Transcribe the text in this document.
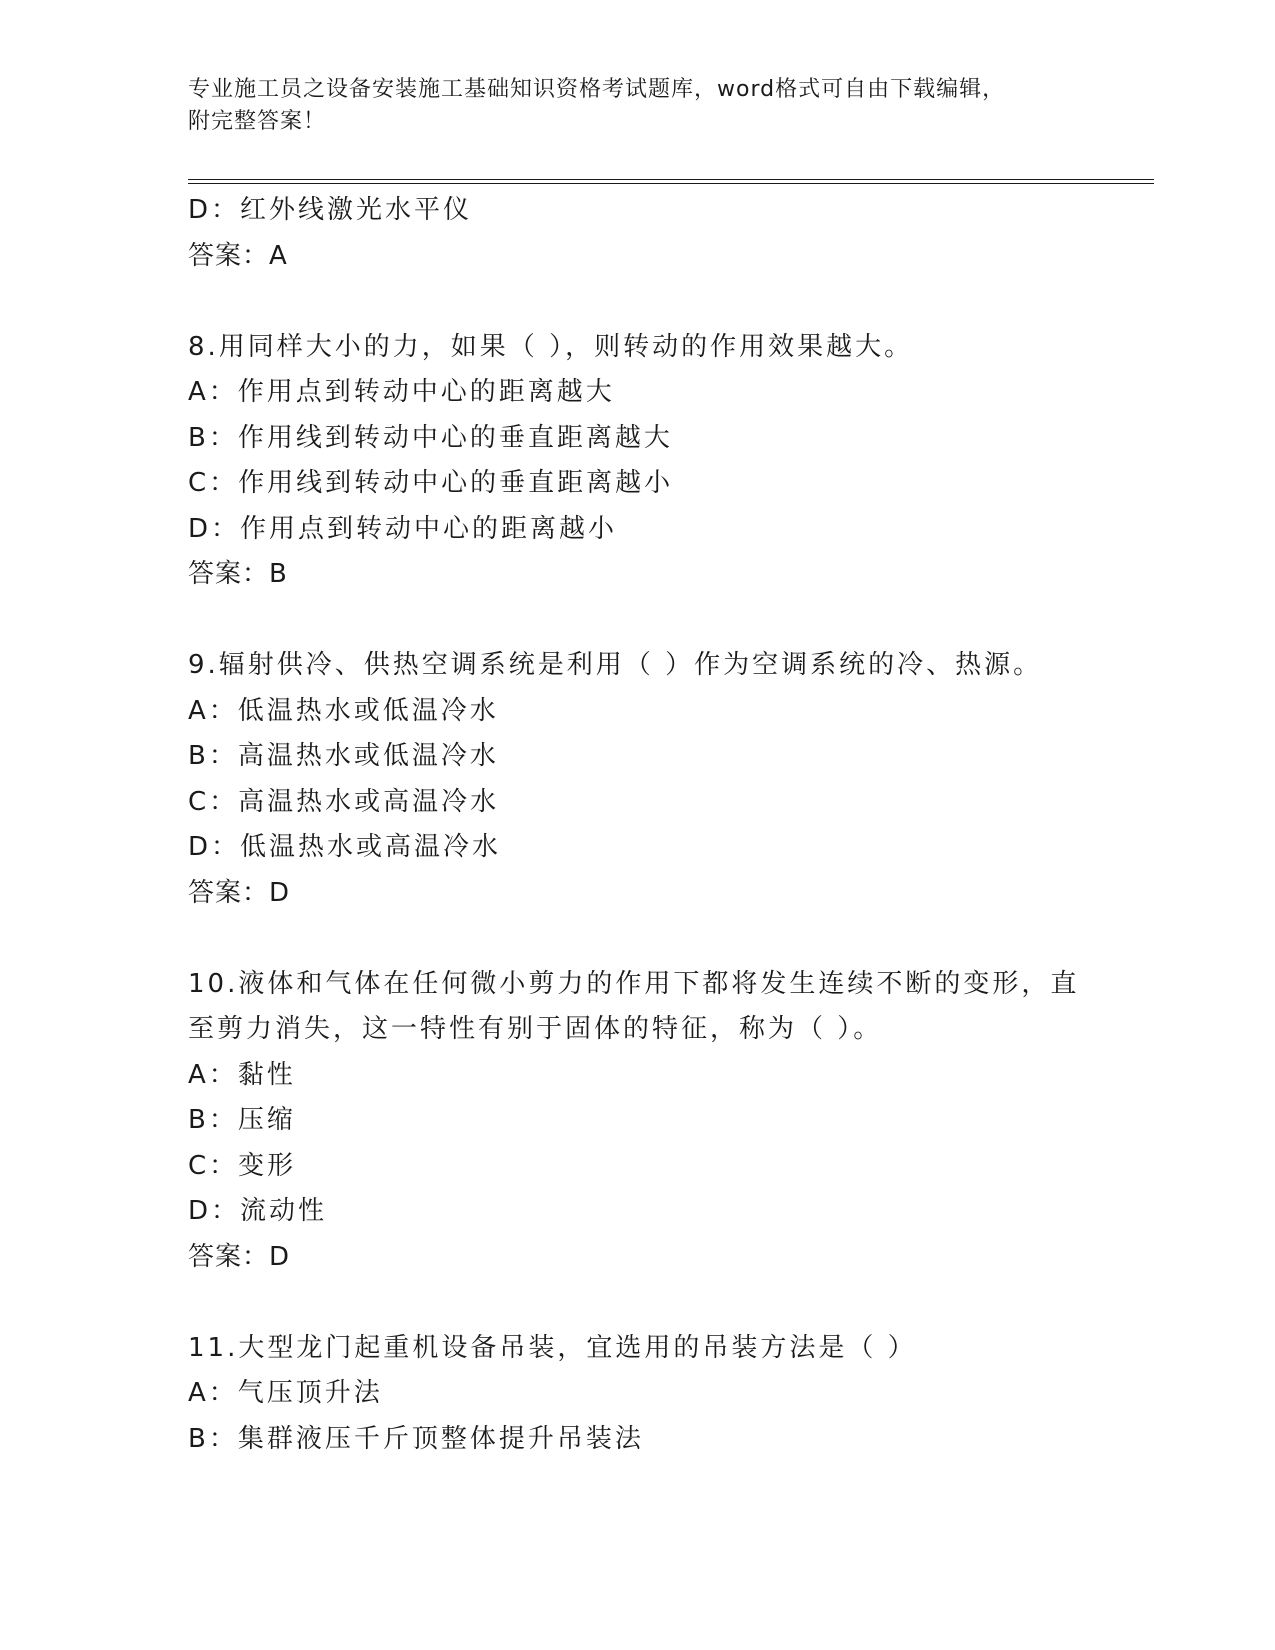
专业施工员之设备安装施工基础知识资格考试题库，word格式可自由下载编辑，
附完整答案！
D：红外线激光水平仪
答案：A
8.用同样大小的力，如果（ ），则转动的作用效果越大。
A：作用点到转动中心的距离越大
B：作用线到转动中心的垂直距离越大
C：作用线到转动中心的垂直距离越小
D：作用点到转动中心的距离越小
答案：B
9.辐射供冷、供热空调系统是利用（ ）作为空调系统的冷、热源。
A：低温热水或低温冷水
B：高温热水或低温冷水
C：高温热水或高温冷水
D：低温热水或高温冷水
答案：D
10.液体和气体在任何微小剪力的作用下都将发生连续不断的变形，直
至剪力消失，这一特性有别于固体的特征，称为（ ）。
A：黏性
B：压缩
C：变形
D：流动性
答案：D
11.大型龙门起重机设备吊装，宜选用的吊装方法是（ ）
A：气压顶升法
B：集群液压千斤顶整体提升吊装法
